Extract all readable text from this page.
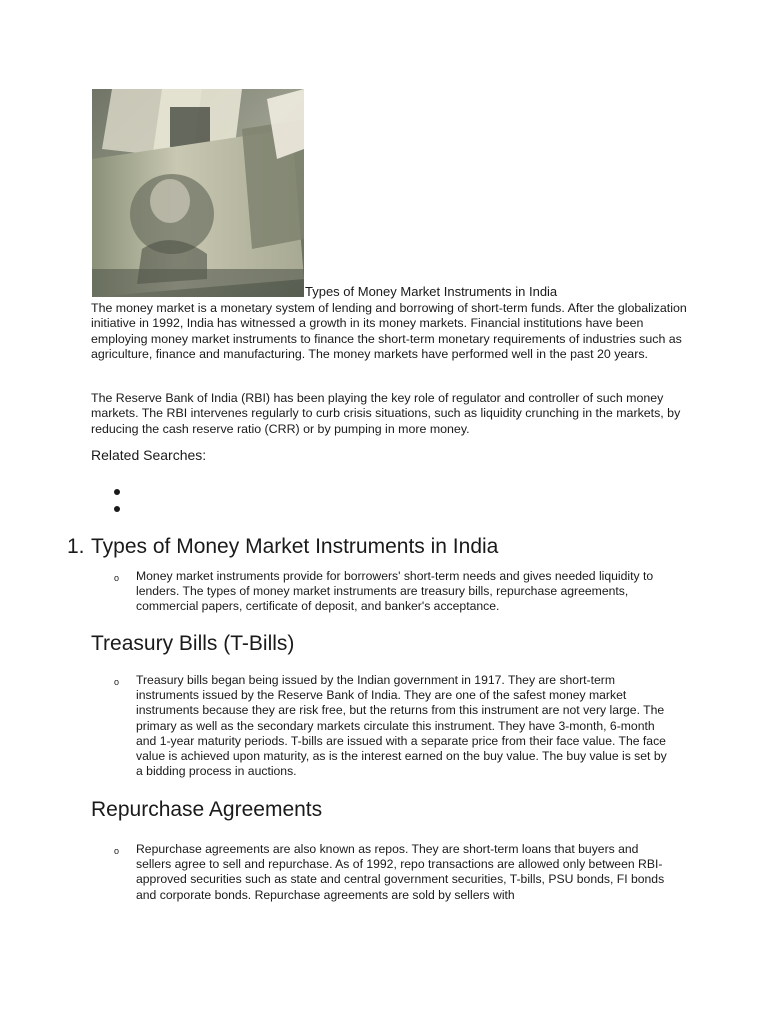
Types of Money Market Instruments in India

The money market is a monetary system of lending and borrowing of short-term funds. After the globalization initiative in 1992, India has witnessed a growth in its money markets. Financial institutions have been employing money market instruments to finance the short-term monetary requirements of industries such as agriculture, finance and manufacturing. The money markets have performed well in the past 20 years.

The Reserve Bank of India (RBI) has been playing the key role of regulator and controller of such money markets. The RBI intervenes regularly to curb crisis situations, such as liquidity crunching in the markets, by reducing the cash reserve ratio (CRR) or by pumping in more money.

Related Searches:
1. Types of Money Market Instruments in India
o Money market instruments provide for borrowers' short-term needs and gives needed liquidity to lenders. The types of money market instruments are treasury bills, repurchase agreements, commercial papers, certificate of deposit, and banker's acceptance.

Treasury Bills (T-Bills)
o Treasury bills began being issued by the Indian government in 1917. They are short-term instruments issued by the Reserve Bank of India. They are one of the safest money market instruments because they are risk free, but the returns from this instrument are not very large. The primary as well as the secondary markets circulate this instrument. They have 3-month, 6-month and 1-year maturity periods. T-bills are issued with a separate price from their face value. The face value is achieved upon maturity, as is the interest earned on the buy value. The buy value is set by a bidding process in auctions.

Repurchase Agreements
o Repurchase agreements are also known as repos. They are short-term loans that buyers and sellers agree to sell and repurchase. As of 1992, repo transactions are allowed only between RBI-approved securities such as state and central government securities, T-bills, PSU bonds, FI bonds and corporate bonds. Repurchase agreements are sold by sellers with
